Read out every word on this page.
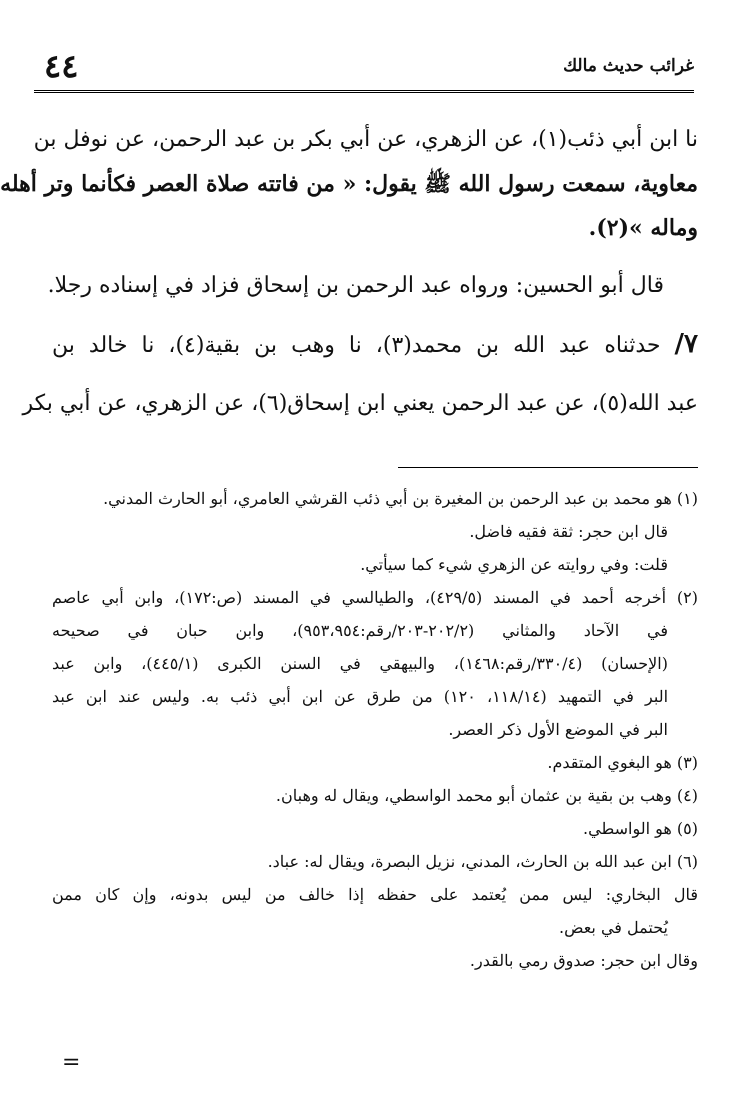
٤٤	غرائب حديث مالك
نا ابن أبي ذئب(١)، عن الزهري، عن أبي بكر بن عبد الرحمن، عن نوفل بن
معاوية، سمعت رسول الله ﷺ يقول: « من فاتته صلاة العصر فكأنما وتر أهله
وماله »(٢).
قال أبو الحسين: ورواه عبد الرحمن بن إسحاق فزاد في إسناده رجلا.
٧/ حدثناه عبد الله بن محمد(٣)، نا وهب بن بقية(٤)، نا خالد بن
عبد الله(٥)، عن عبد الرحمن يعني ابن إسحاق(٦)، عن الزهري، عن أبي بكر
(١) هو محمد بن عبد الرحمن بن المغيرة بن أبي ذئب القرشي العامري، أبو الحارث المدني.
قال ابن حجر: ثقة فقيه فاضل.
قلت: وفي روايته عن الزهري شيء كما سيأتي.
(٢) أخرجه أحمد في المسند (٤٢٩/٥)، والطيالسي في المسند (ص:١٧٢)، وابن أبي عاصم
في الآحاد والمثاني (٢٠٢/٢-٢٠٣/رقم:٩٥٣،٩٥٤)، وابن حبان في صحيحه
(الإحسان) (٣٣٠/٤/رقم:١٤٦٨)، والبيهقي في السنن الكبرى (٤٤٥/١)، وابن عبد
البر في التمهيد (١١٨/١٤، ١٢٠) من طرق عن ابن أبي ذئب به. وليس عند ابن عبد
البر في الموضع الأول ذكر العصر.
(٣) هو البغوي المتقدم.
(٤) وهب بن بقية بن عثمان أبو محمد الواسطي، ويقال له وهبان.
(٥) هو الواسطي.
(٦) ابن عبد الله بن الحارث، المدني، نزيل البصرة، ويقال له: عباد.
قال البخاري: ليس ممن يُعتمد على حفظه إذا خالف من ليس بدونه، وإن كان ممن
يُحتمل في بعض.
وقال ابن حجر: صدوق رمي بالقدر.
=
